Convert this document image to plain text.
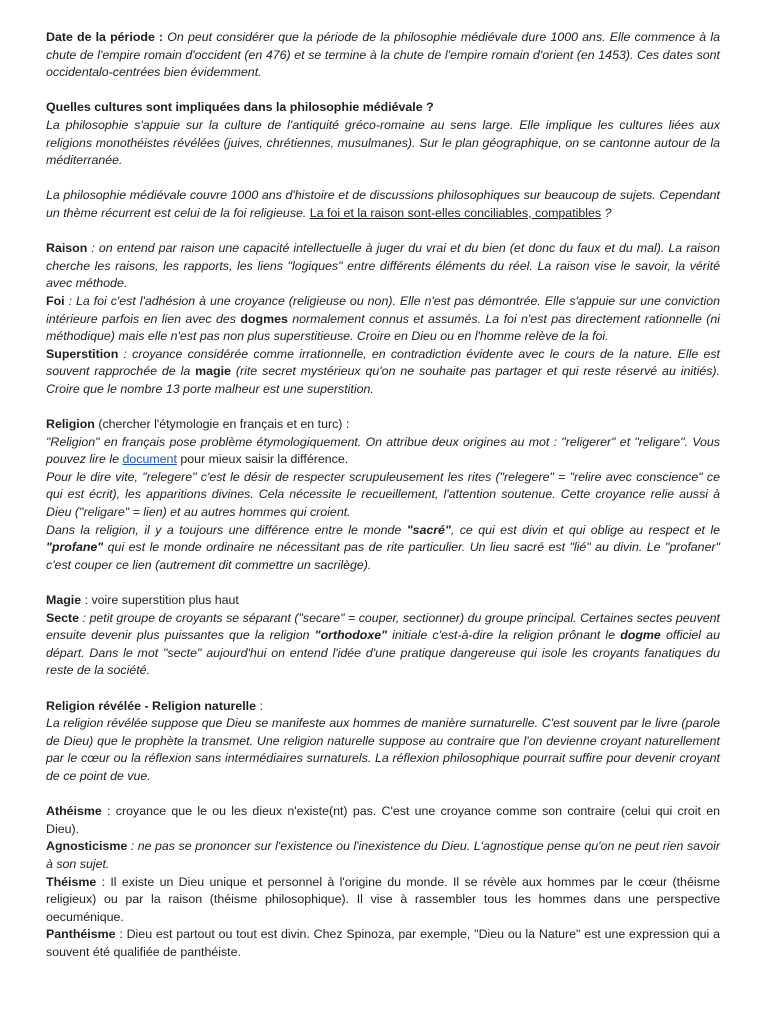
Date de la période : On peut considérer que la période de la philosophie médiévale dure 1000 ans. Elle commence à la chute de l'empire romain d'occident (en 476) et se termine à la chute de l'empire romain d'orient (en 1453). Ces dates sont occidentalo-centrées bien évidemment.

Quelles cultures sont impliquées dans la philosophie médiévale ?

La philosophie s'appuie sur la culture de l'antiquité gréco-romaine au sens large. Elle implique les cultures liées aux religions monothéistes révélées (juives, chrétiennes, musulmanes). Sur le plan géographique, on se cantonne autour de la méditerranée.

La philosophie médiévale couvre 1000 ans d'histoire et de discussions philosophiques sur beaucoup de sujets. Cependant un thème récurrent est celui de la foi religieuse. La foi et la raison sont-elles conciliables, compatibles ?

Raison : on entend par raison une capacité intellectuelle à juger du vrai et du bien (et donc du faux et du mal). La raison cherche les raisons, les rapports, les liens "logiques" entre différents éléments du réel. La raison vise le savoir, la vérité avec méthode.

Foi : La foi c'est l'adhésion à une croyance (religieuse ou non). Elle n'est pas démontrée. Elle s'appuie sur une conviction intérieure parfois en lien avec des dogmes normalement connus et assumés. La foi n'est pas directement rationnelle (ni méthodique) mais elle n'est pas non plus superstitieuse. Croire en Dieu ou en l'homme relève de la foi.

Superstition : croyance considérée comme irrationnelle, en contradiction évidente avec le cours de la nature. Elle est souvent rapprochée de la magie (rite secret mystérieux qu'on ne souhaite pas partager et qui reste réservé au initiés). Croire que le nombre 13 porte malheur est une superstition.

Religion (chercher l'étymologie en français et en turc) :

"Religion" en français pose problème étymologiquement. On attribue deux origines au mot : "religerer" et "religare". Vous pouvez lire le document pour mieux saisir la différence.

Pour le dire vite, "relegere" c'est le désir de respecter scrupuleusement les rites ("relegere" = "relire avec conscience" ce qui est écrit), les apparitions divines. Cela nécessite le recueillement, l'attention soutenue. Cette croyance relie aussi à Dieu ("religare" = lien) et au autres hommes qui croient.

Dans la religion, il y a toujours une différence entre le monde "sacré", ce qui est divin et qui oblige au respect et le "profane" qui est le monde ordinaire ne nécessitant pas de rite particulier. Un lieu sacré est "lié" au divin. Le "profaner" c'est couper ce lien (autrement dit commettre un sacrilège).

Magie : voire superstition plus haut

Secte : petit groupe de croyants se séparant ("secare" = couper, sectionner) du groupe principal. Certaines sectes peuvent ensuite devenir plus puissantes que la religion "orthodoxe" initiale c'est-à-dire la religion prônant le dogme officiel au départ. Dans le mot "secte" aujourd'hui on entend l'idée d'une pratique dangereuse qui isole les croyants fanatiques du reste de la société.

Religion révélée - Religion naturelle :

La religion révélée suppose que Dieu se manifeste aux hommes de manière surnaturelle. C'est souvent par le livre (parole de Dieu) que le prophète la transmet. Une religion naturelle suppose au contraire que l'on devienne croyant naturellement par le cœur ou la réflexion sans intermédiaires surnaturels. La réflexion philosophique pourrait suffire pour devenir croyant de ce point de vue.

Athéisme : croyance que le ou les dieux n'existe(nt) pas. C'est une croyance comme son contraire (celui qui croit en Dieu).

Agnosticisme : ne pas se prononcer sur l'existence ou l'inexistence du Dieu. L'agnostique pense qu'on ne peut rien savoir à son sujet.

Théisme : Il existe un Dieu unique et personnel à l'origine du monde. Il se révèle aux hommes par le cœur (théisme religieux) ou par la raison (théisme philosophique). Il vise à rassembler tous les hommes dans une perspective oecuménique.

Panthéisme : Dieu est partout ou tout est divin. Chez Spinoza, par exemple, "Dieu ou la Nature" est une expression qui a souvent été qualifiée de panthéiste.
